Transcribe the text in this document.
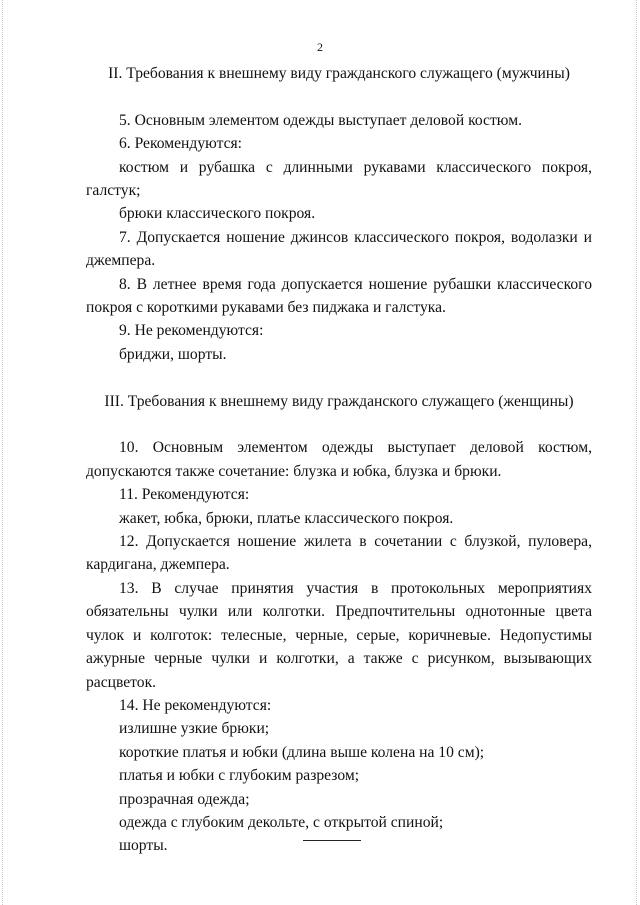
2

II. Требования к внешнему виду гражданского служащего (мужчины)

5. Основным элементом одежды выступает деловой костюм.

6. Рекомендуются:

костюм и рубашка с длинными рукавами классического покроя, галстук;

брюки классического покроя.

7. Допускается ношение джинсов классического покроя, водолазки и джемпера.

8. В летнее время года допускается ношение рубашки классического покроя с короткими рукавами без пиджака и галстука.

9. Не рекомендуются:

бриджи, шорты.

III. Требования к внешнему виду гражданского служащего (женщины)

10. Основным элементом одежды выступает деловой костюм, допускаются также сочетание: блузка и юбка, блузка и брюки.

11. Рекомендуются:

жакет, юбка, брюки, платье классического покроя.

12. Допускается ношение жилета в сочетании с блузкой, пуловера, кардигана, джемпера.

13. В случае принятия участия в протокольных мероприятиях обязательны чулки или колготки. Предпочтительны однотонные цвета чулок и колготок: телесные, черные, серые, коричневые. Недопустимы ажурные черные чулки и колготки, а также с рисунком, вызывающих расцветок.

14. Не рекомендуются:

излишне узкие брюки;

короткие платья и юбки (длина выше колена на 10 см);

платья и юбки с глубоким разрезом;

прозрачная одежда;

одежда с глубоким декольте, с открытой спиной;

шорты.
